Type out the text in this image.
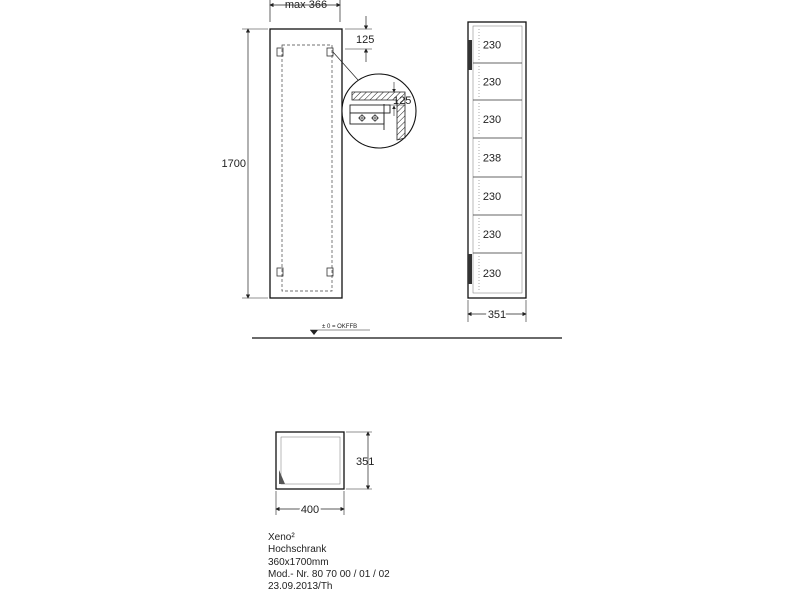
max 366
1700
125
125
230
230
230
238
230
230
230
351
± 0 = OKFFB
400
351
Xeno²
Hochschrank
360x1700mm
Mod.- Nr. 80 70 00 / 01 / 02
23.09.2013/Th
